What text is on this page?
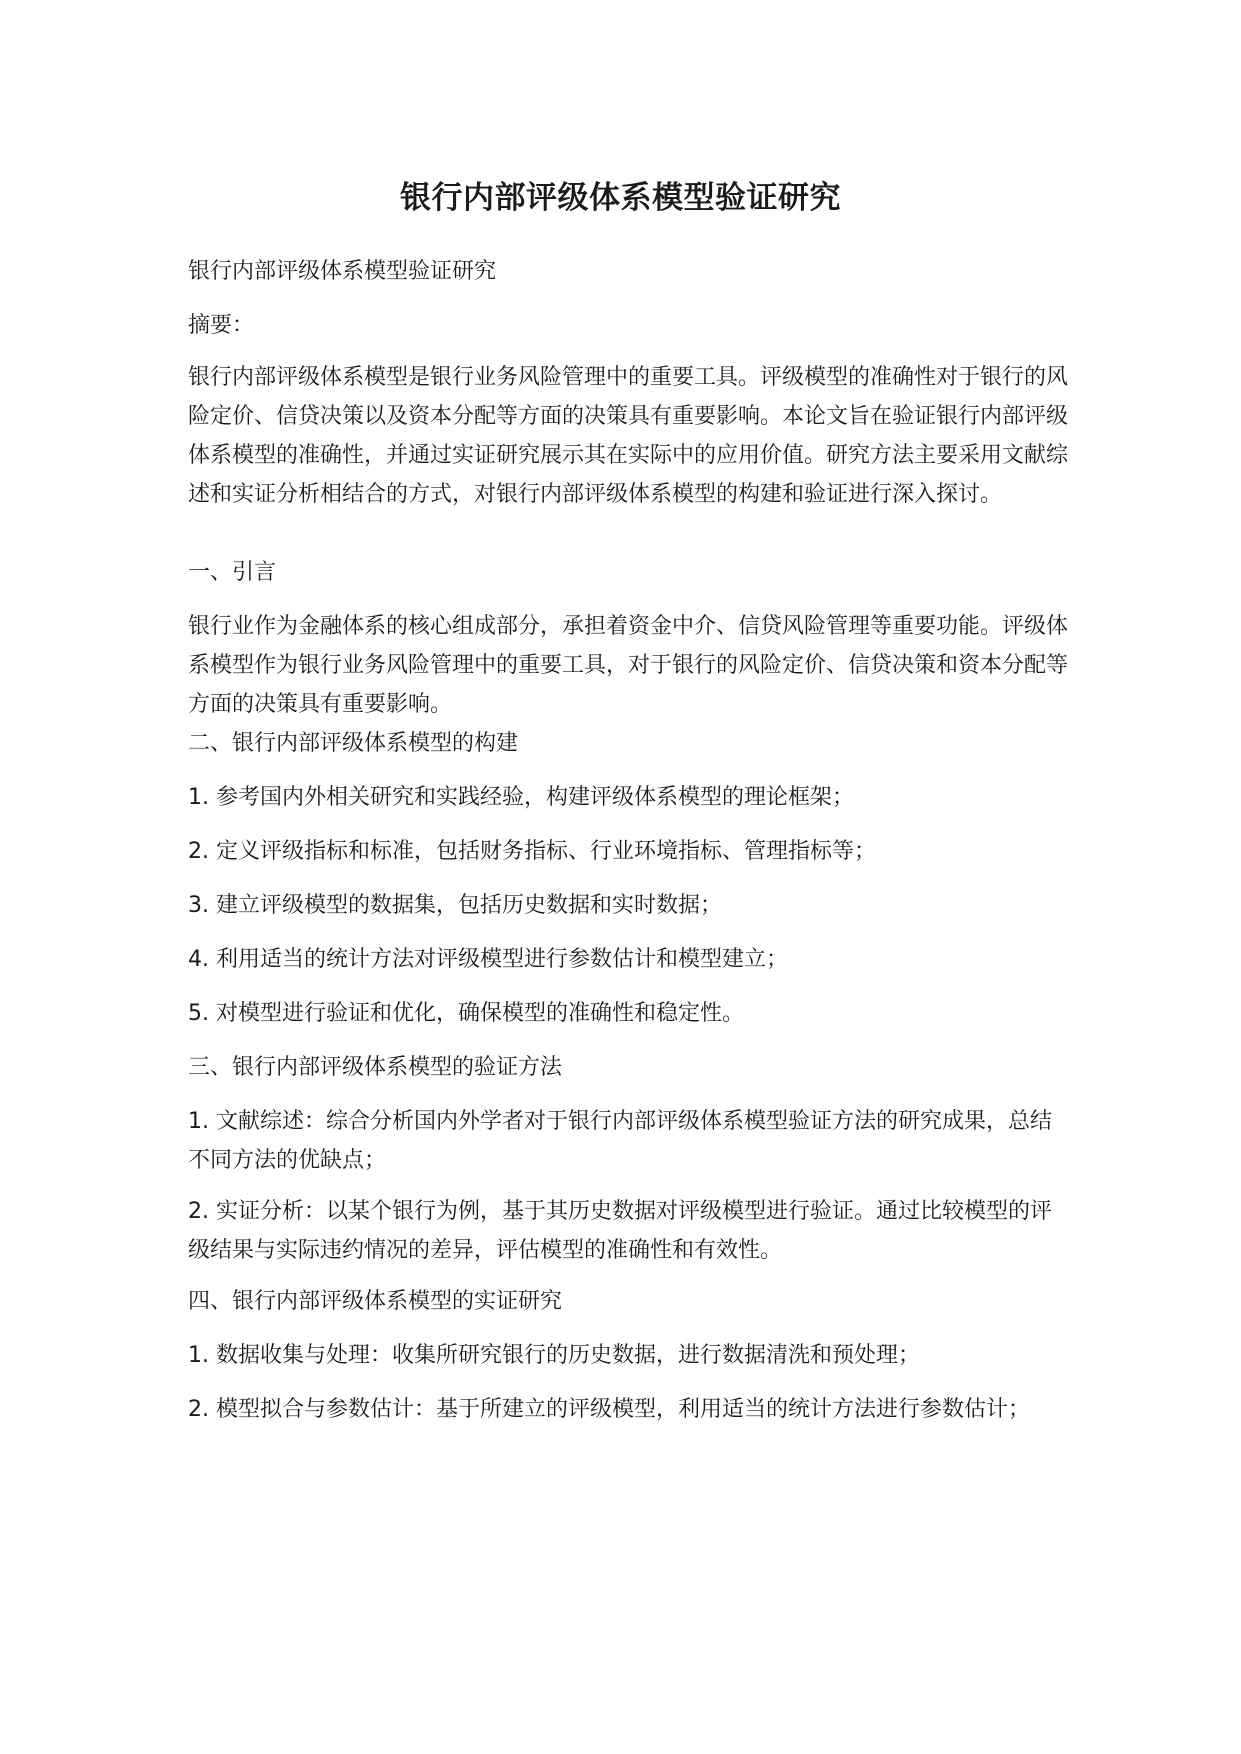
银行内部评级体系模型验证研究

银行内部评级体系模型验证研究

摘要：

银行内部评级体系模型是银行业务风险管理中的重要工具。评级模型的准确性对于银行的风险定价、信贷决策以及资本分配等方面的决策具有重要影响。本论文旨在验证银行内部评级体系模型的准确性，并通过实证研究展示其在实际中的应用价值。研究方法主要采用文献综述和实证分析相结合的方式，对银行内部评级体系模型的构建和验证进行深入探讨。

一、引言

银行业作为金融体系的核心组成部分，承担着资金中介、信贷风险管理等重要功能。评级体系模型作为银行业务风险管理中的重要工具，对于银行的风险定价、信贷决策和资本分配等方面的决策具有重要影响。

二、银行内部评级体系模型的构建

1. 参考国内外相关研究和实践经验，构建评级体系模型的理论框架；

2. 定义评级指标和标准，包括财务指标、行业环境指标、管理指标等；

3. 建立评级模型的数据集，包括历史数据和实时数据；

4. 利用适当的统计方法对评级模型进行参数估计和模型建立；

5. 对模型进行验证和优化，确保模型的准确性和稳定性。

三、银行内部评级体系模型的验证方法

1. 文献综述：综合分析国内外学者对于银行内部评级体系模型验证方法的研究成果，总结不同方法的优缺点；

2. 实证分析：以某个银行为例，基于其历史数据对评级模型进行验证。通过比较模型的评级结果与实际违约情况的差异，评估模型的准确性和有效性。

四、银行内部评级体系模型的实证研究

1. 数据收集与处理：收集所研究银行的历史数据，进行数据清洗和预处理；

2. 模型拟合与参数估计：基于所建立的评级模型，利用适当的统计方法进行参数估计；
